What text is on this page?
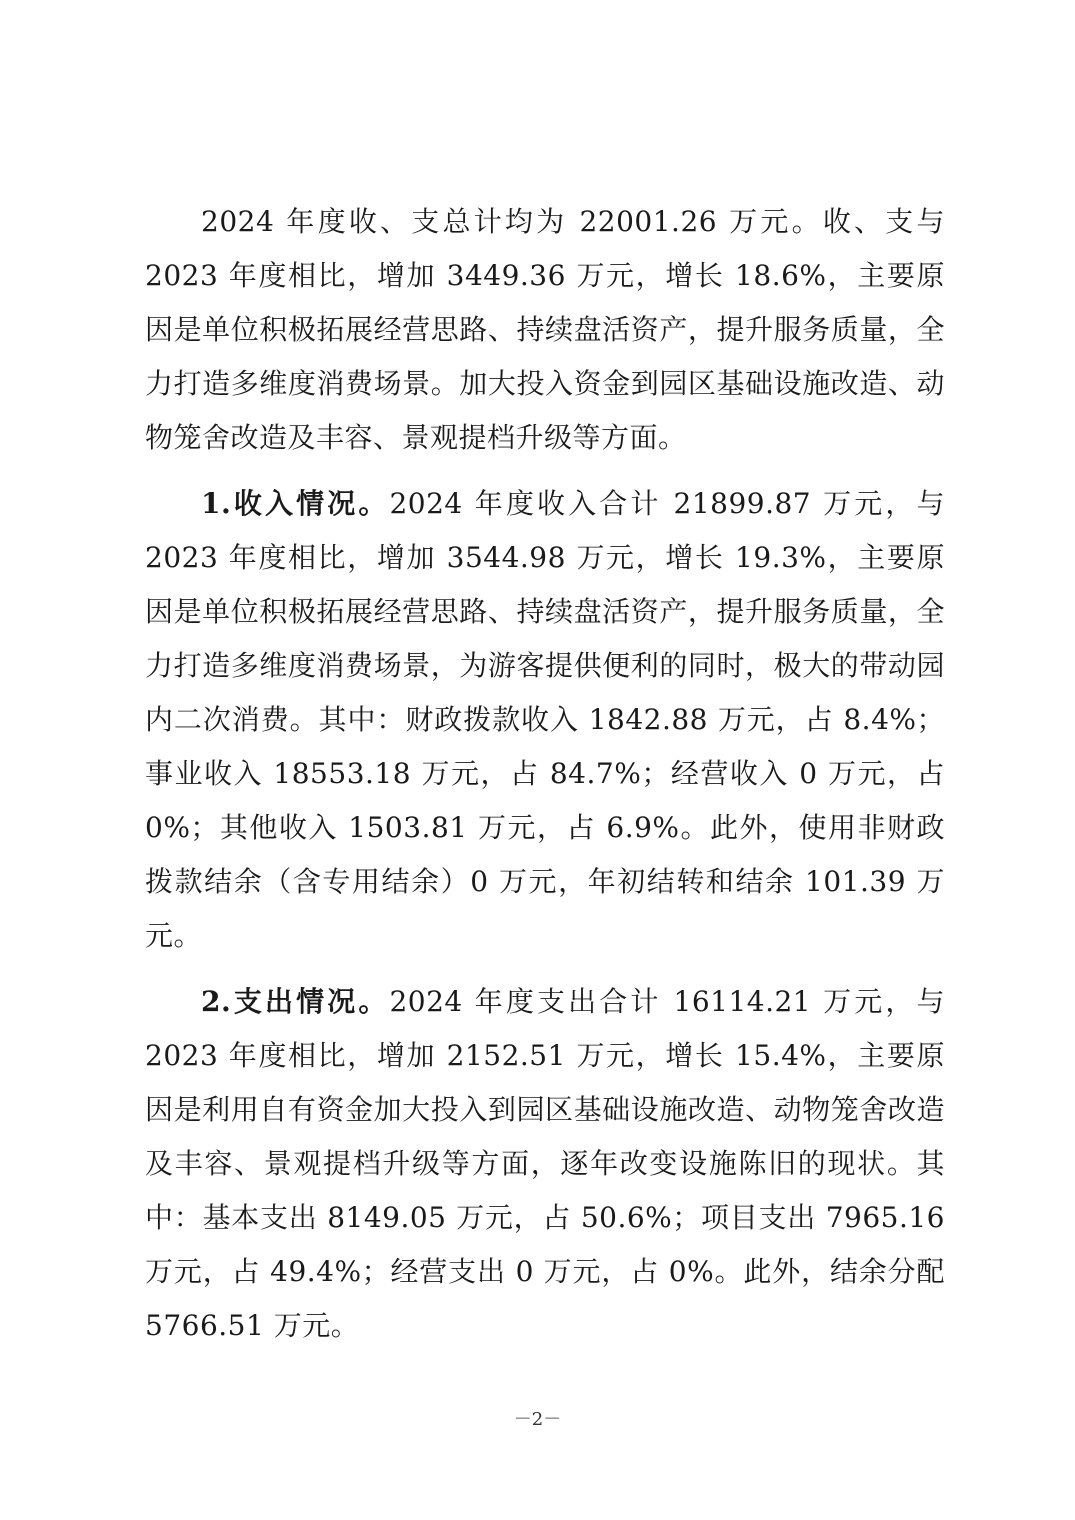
2024 年度收、支总计均为 22001.26 万元。收、支与 2023 年度相比，增加 3449.36 万元，增长 18.6%，主要原因是单位积极拓展经营思路、持续盘活资产，提升服务质量，全力打造多维度消费场景。加大投入资金到园区基础设施改造、动物笼舍改造及丰容、景观提档升级等方面。

1.收入情况。2024 年度收入合计 21899.87 万元，与 2023 年度相比，增加 3544.98 万元，增长 19.3%，主要原因是单位积极拓展经营思路、持续盘活资产，提升服务质量，全力打造多维度消费场景，为游客提供便利的同时，极大的带动园内二次消费。其中：财政拨款收入 1842.88 万元，占 8.4%；事业收入 18553.18 万元，占 84.7%；经营收入 0 万元，占 0%；其他收入 1503.81 万元，占 6.9%。此外，使用非财政拨款结余（含专用结余）0 万元，年初结转和结余 101.39 万元。

2.支出情况。2024 年度支出合计 16114.21 万元，与 2023 年度相比，增加 2152.51 万元，增长 15.4%，主要原因是利用自有资金加大投入到园区基础设施改造、动物笼舍改造及丰容、景观提档升级等方面，逐年改变设施陈旧的现状。其中：基本支出 8149.05 万元，占 50.6%；项目支出 7965.16 万元，占 49.4%；经营支出 0 万元，占 0%。此外，结余分配 5766.51 万元。

－2－
